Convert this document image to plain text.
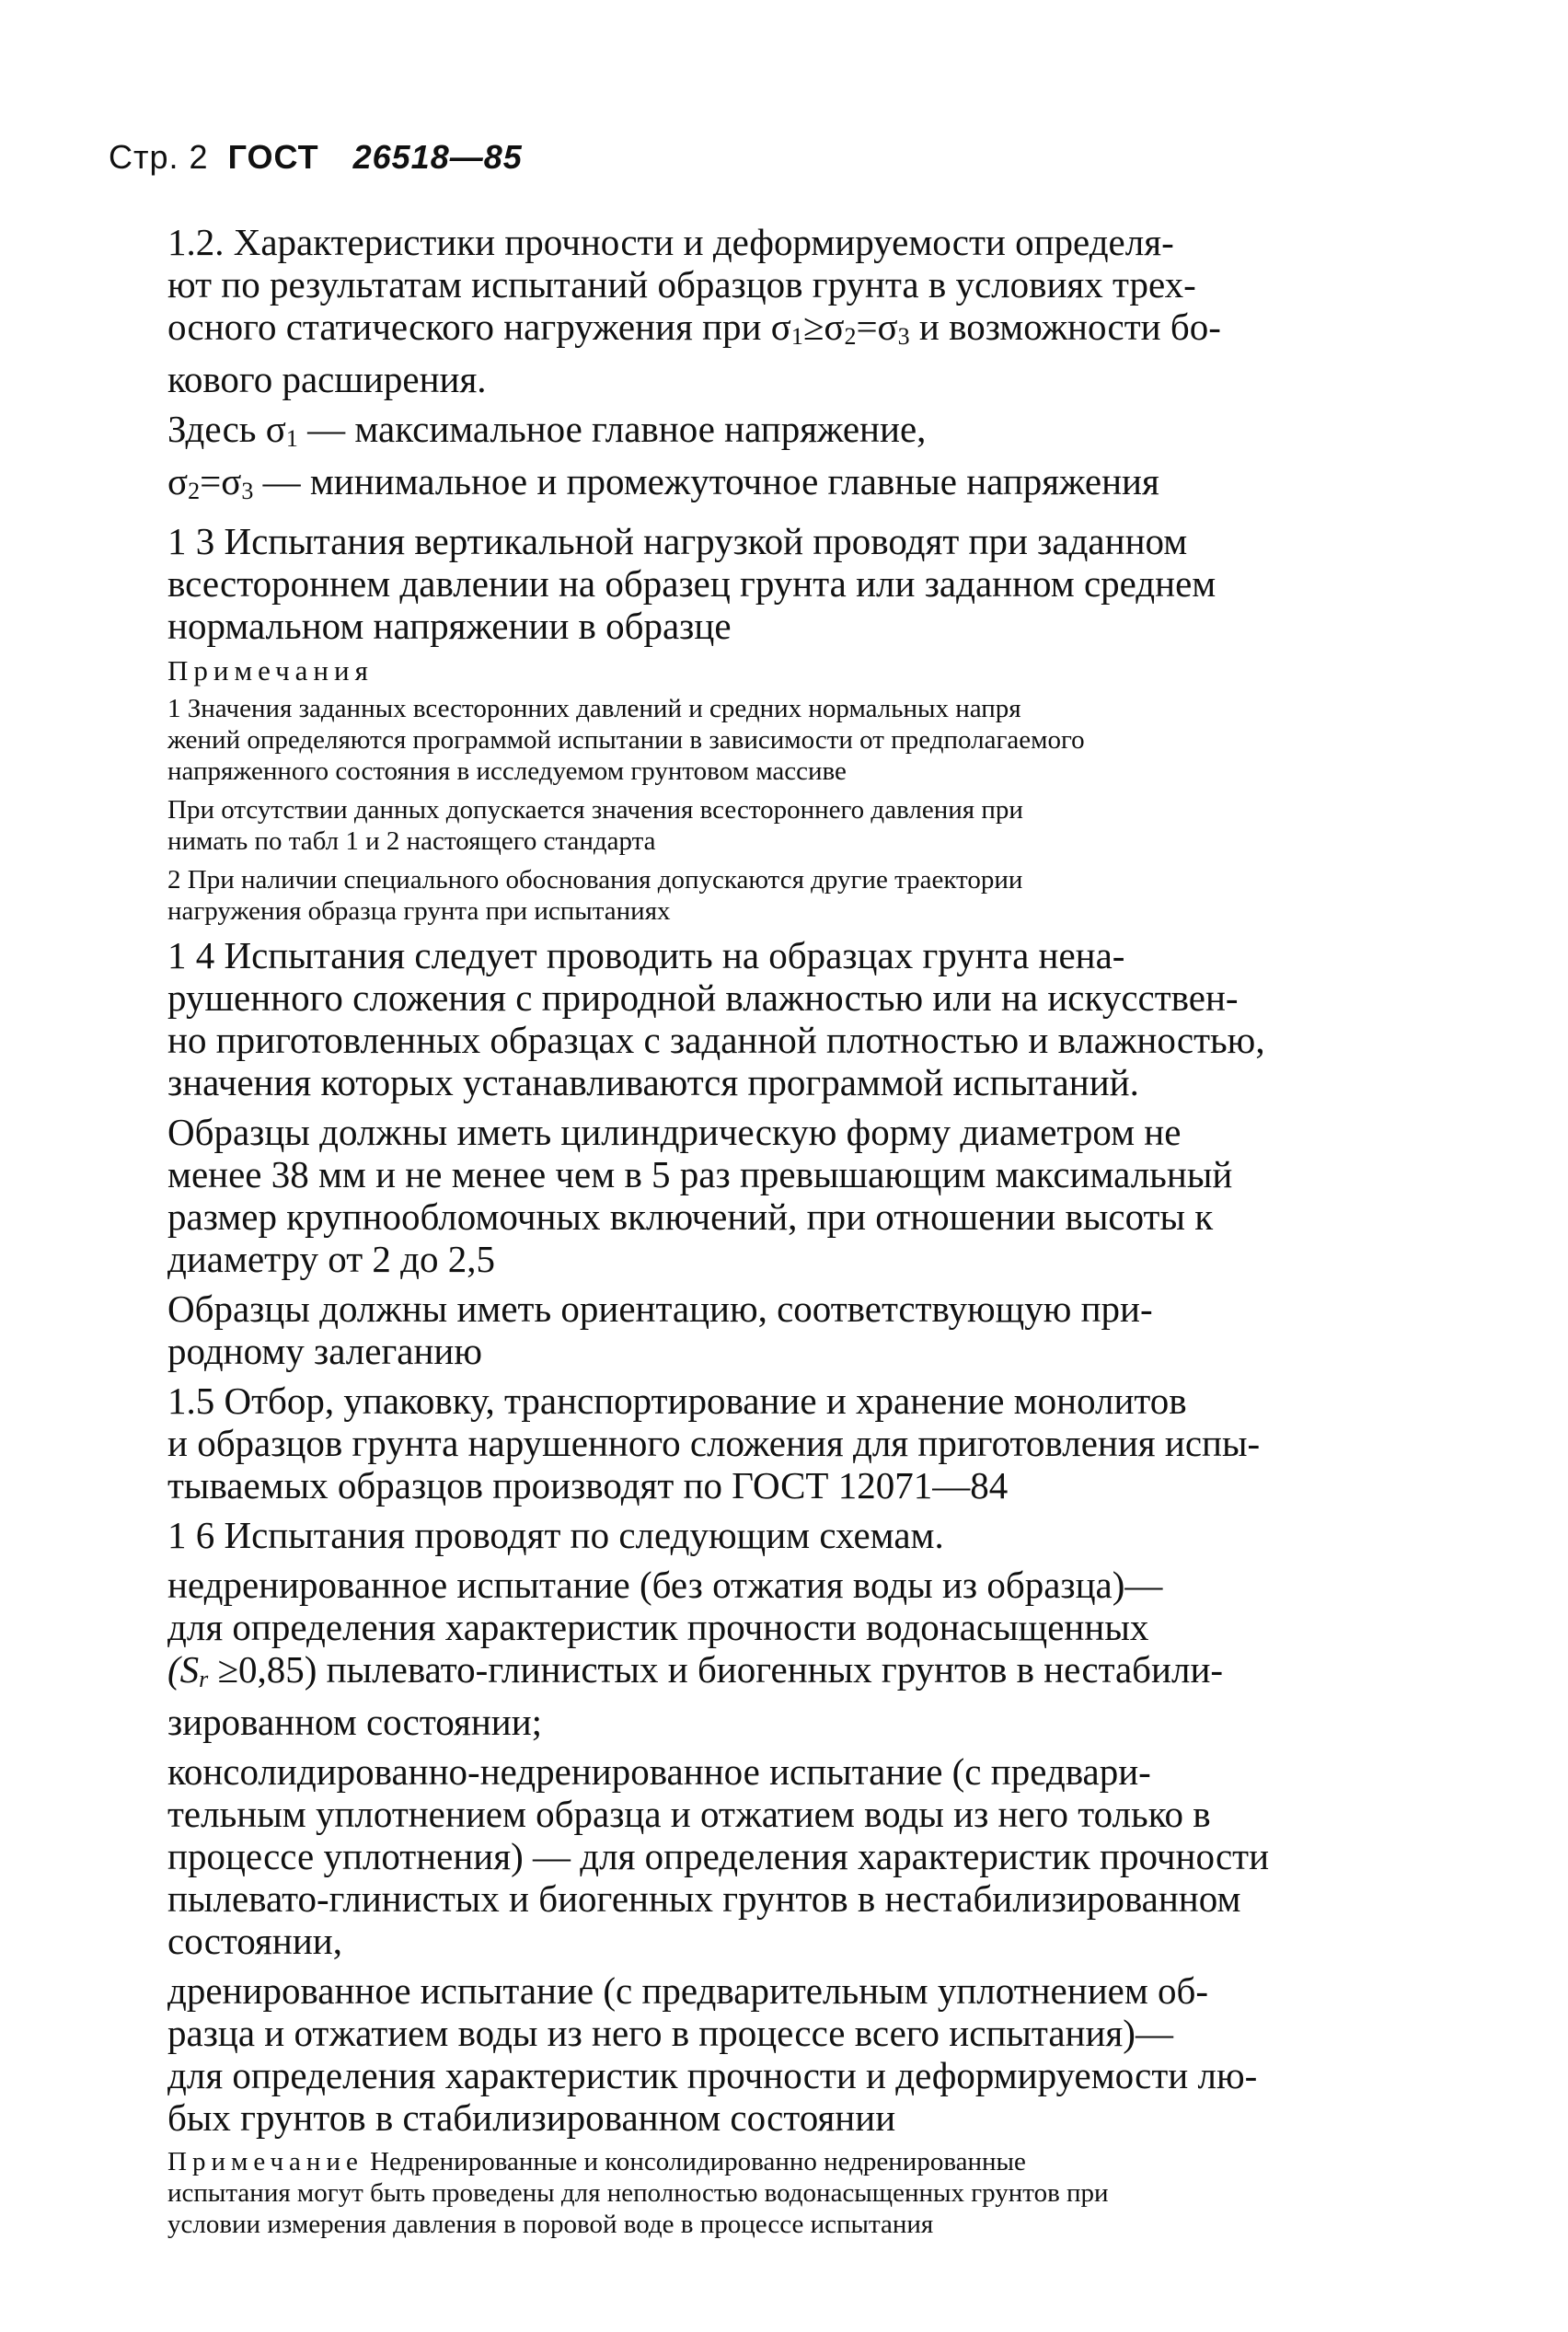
Стр. 2 ГОСТ 26518—85
1.2. Характеристики прочности и деформируемости определя-
ют по результатам испытаний образцов грунта в условиях трех-
осного статического нагружения при $\sigma_1\ge\sigma_2=\sigma_3$ и возможности бо-
кового расширения.
Здесь $\sigma_1$ — максимальное главное напряжение,
$\sigma_2=\sigma_3$ — минимальное и промежуточное главные напряжения
1 3 Испытания вертикальной нагрузкой проводят при заданном
всестороннем давлении на образец грунта или заданном среднем
нормальном напряжении в образце
Примечания
1 Значения заданных всесторонних давлений и средних нормальных напря
жений определяются программой испытании в зависимости от предполагаемого
напряженного состояния в исследуемом грунтовом массиве
При отсутствии данных допускается значения всестороннего давления при
нимать по табл 1 и 2 настоящего стандарта
2 При наличии специального обоснования допускаются другие траектории
нагружения образца грунта при испытаниях
1 4 Испытания следует проводить на образцах грунта нена-
рушенного сложения с природной влажностью или на искусствен-
но приготовленных образцах с заданной плотностью и влажностью,
значения которых устанавливаются программой испытаний.
Образцы должны иметь цилиндрическую форму диаметром не
менее 38 мм и не менее чем в 5 раз превышающим максимальный
размер крупнообломочных включений, при отношении высоты к
диаметру от 2 до 2,5
Образцы должны иметь ориентацию, соответствующую при-
родному залеганию
1.5 Отбор, упаковку, транспортирование и хранение монолитов
и образцов грунта нарушенного сложения для приготовления испы-
тываемых образцов производят по ГОСТ 12071—84
1 6 Испытания проводят по следующим схемам.
недренированное испытание (без отжатия воды из образца)—
для определения характеристик прочности водонасыщенных
$(S_r \ge 0,85)$ пылевато-глинистых и биогенных грунтов в нестабили-
зированном состоянии;
консолидированно-недренированное испытание (с предвари-
тельным уплотнением образца и отжатием воды из него только в
процессе уплотнения) — для определения характеристик прочности
пылевато-глинистых и биогенных грунтов в нестабилизированном
состоянии,
дренированное испытание (с предварительным уплотнением об-
разца и отжатием воды из него в процессе всего испытания)—
для определения характеристик прочности и деформируемости лю-
бых грунтов в стабилизированном состоянии
Примечание Недренированные и консолидированно недренированные
испытания могут быть проведены для неполностью водонасыщенных грунтов при
условии измерения давления в поровой воде в процессе испытания
